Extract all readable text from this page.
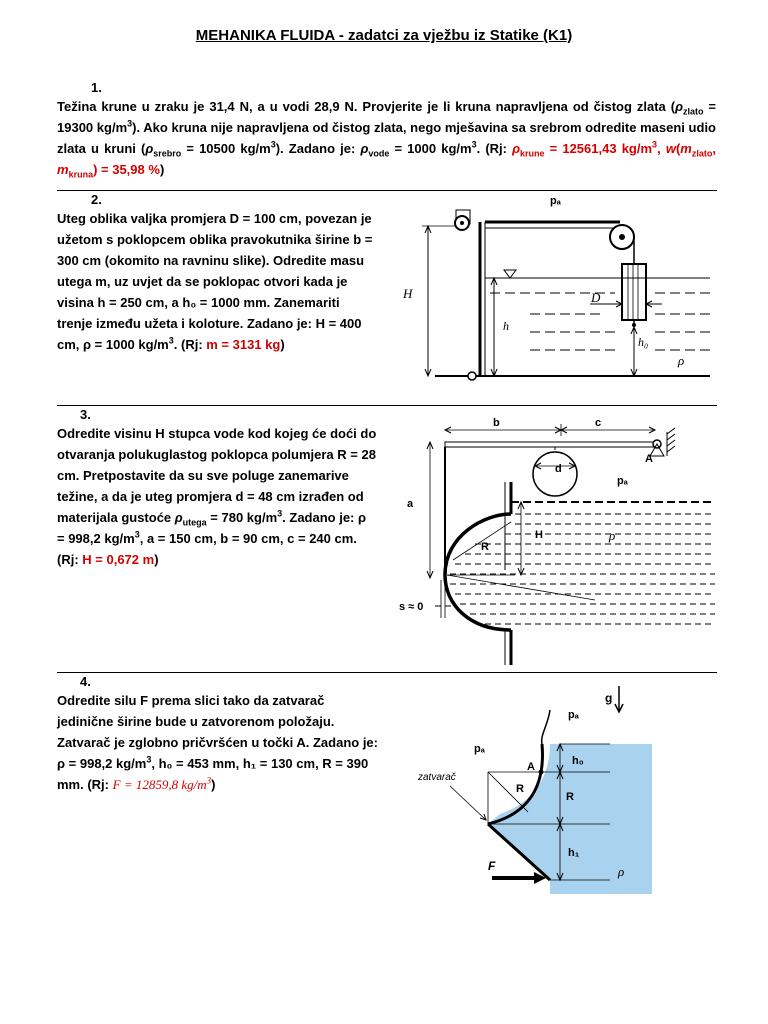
MEHANIKA FLUIDA - zadatci za vježbu iz Statike (K1)
1.
Težina krune u zraku je 31,4 N, a u vodi 28,9 N. Provjerite je li kruna napravljena od čistog zlata ($\rho_{zlato} = 19300$ $kg/m^3$). Ako kruna nije napravljena od čistog zlata, nego mješavina sa srebrom odredite maseni udio zlata u kruni ($\rho_{srebro} = 10500$ $kg/m^3$). Zadano je: $\rho_{vode} = 1000$ $kg/m^3$. (Rj: $\rho_{krune} = 12561,43$ $kg/m^3$, $w(m_{zlato}$, $m_{kruna}) = 35,98$ %)
2.
Uteg oblika valjka promjera D = 100 cm, povezan je
užetom s poklopcem oblika pravokutnika širine b =
300 cm (okomito na ravninu slike). Odredite masu
utega m, uz uvjet da se poklopac otvori kada je
visina h = 250 cm, a h₀ = 1000 mm. Zanemariti
trenje između užeta i koloture. Zadano je: H = 400
cm, ρ = 1000 $kg/m^3$. (Rj: m = 3131 kg)
pₐ
H
h
D
h₀
ρ
3.
Odredite visinu H stupca vode kod kojeg će doći do
otvaranja polukuglastog poklopca polumjera R = 28
cm. Pretpostavite da su sve poluge zanemarive
težine, a da je uteg promjera d = 48 cm izrađen od
materijala gustoće $\rho_{utega} = 780$ $kg/m^3$. Zadano je: ρ
= 998,2 $kg/m^3$, a = 150 cm, b = 90 cm, c = 240 cm.
(Rj: H = 0,672 m)
b	c
A
d
pₐ
a
H	ρ
R
s ≈ 0
4.
Odredite silu F prema slici tako da zatvarač
jedinične širine bude u zatvorenom položaju.
Zatvarač je zglobno pričvršćen u točki A. Zadano je:
ρ = 998,2 $kg/m^3$, h₀ = 453 mm, h₁ = 130 cm, R = 390
mm. (Rj: F = 12859,8 $kg/m^3$)
g
pₐ
pₐ
zatvarač
A	h₀
R
R
h₁
F	ρ
